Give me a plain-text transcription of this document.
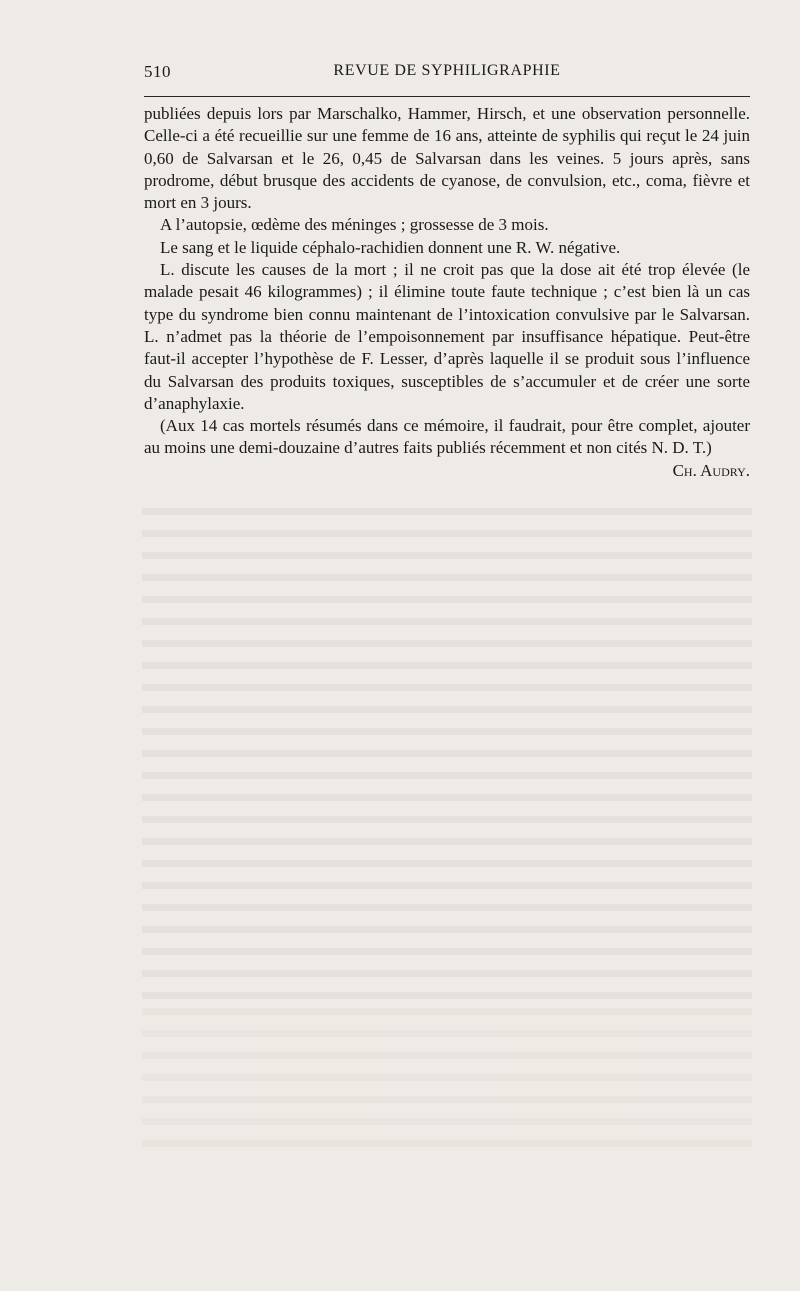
510	REVUE DE SYPHILIGRAPHIE

publiées depuis lors par Marschalko, Hammer, Hirsch, et une observation personnelle. Celle-ci a été recueillie sur une femme de 16 ans, atteinte de syphilis qui reçut le 24 juin 0,60 de Salvarsan et le 26, 0,45 de Salvarsan dans les veines. 5 jours après, sans prodrome, début brusque des accidents de cyanose, de convulsion, etc., coma, fièvre et mort en 3 jours.

A l’autopsie, œdème des méninges ; grossesse de 3 mois.

Le sang et le liquide céphalo-rachidien donnent une R. W. négative.

L. discute les causes de la mort ; il ne croit pas que la dose ait été trop élevée (le malade pesait 46 kilogrammes) ; il élimine toute faute technique ; c’est bien là un cas type du syndrome bien connu maintenant de l’intoxication convulsive par le Salvarsan. L. n’admet pas la théorie de l’empoisonnement par insuffisance hépatique. Peut-être faut-il accepter l’hypothèse de F. Lesser, d’après laquelle il se produit sous l’influence du Salvarsan des produits toxiques, susceptibles de s’accumuler et de créer une sorte d’anaphylaxie.

(Aux 14 cas mortels résumés dans ce mémoire, il faudrait, pour être complet, ajouter au moins une demi-douzaine d’autres faits publiés récemment et non cités N. D. T.)
Ch. Audry.
